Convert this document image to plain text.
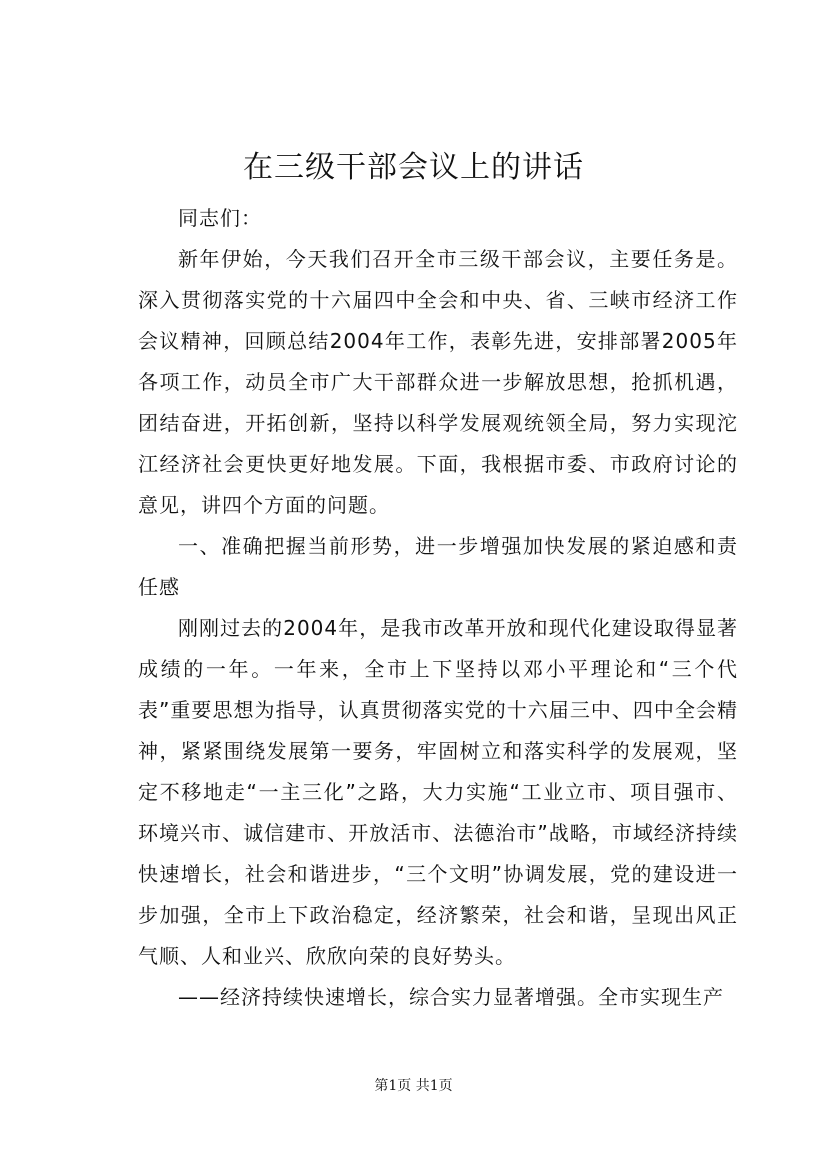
在三级干部会议上的讲话

同志们：

新年伊始，今天我们召开全市三级干部会议，主要任务是。深入贯彻落实党的十六届四中全会和中央、省、三峡市经济工作会议精神，回顾总结2004年工作，表彰先进，安排部署2005年各项工作，动员全市广大干部群众进一步解放思想，抢抓机遇，团结奋进，开拓创新，坚持以科学发展观统领全局，努力实现沱江经济社会更快更好地发展。下面，我根据市委、市政府讨论的意见，讲四个方面的问题。

一、准确把握当前形势，进一步增强加快发展的紧迫感和责任感

刚刚过去的2004年，是我市改革开放和现代化建设取得显著成绩的一年。一年来，全市上下坚持以邓小平理论和“三个代表”重要思想为指导，认真贯彻落实党的十六届三中、四中全会精神，紧紧围绕发展第一要务，牢固树立和落实科学的发展观，坚定不移地走“一主三化”之路，大力实施“工业立市、项目强市、环境兴市、诚信建市、开放活市、法德治市”战略，市域经济持续快速增长，社会和谐进步，“三个文明”协调发展，党的建设进一步加强，全市上下政治稳定，经济繁荣，社会和谐，呈现出风正气顺、人和业兴、欣欣向荣的良好势头。

——经济持续快速增长，综合实力显著增强。全市实现生产

第1页 共1页
